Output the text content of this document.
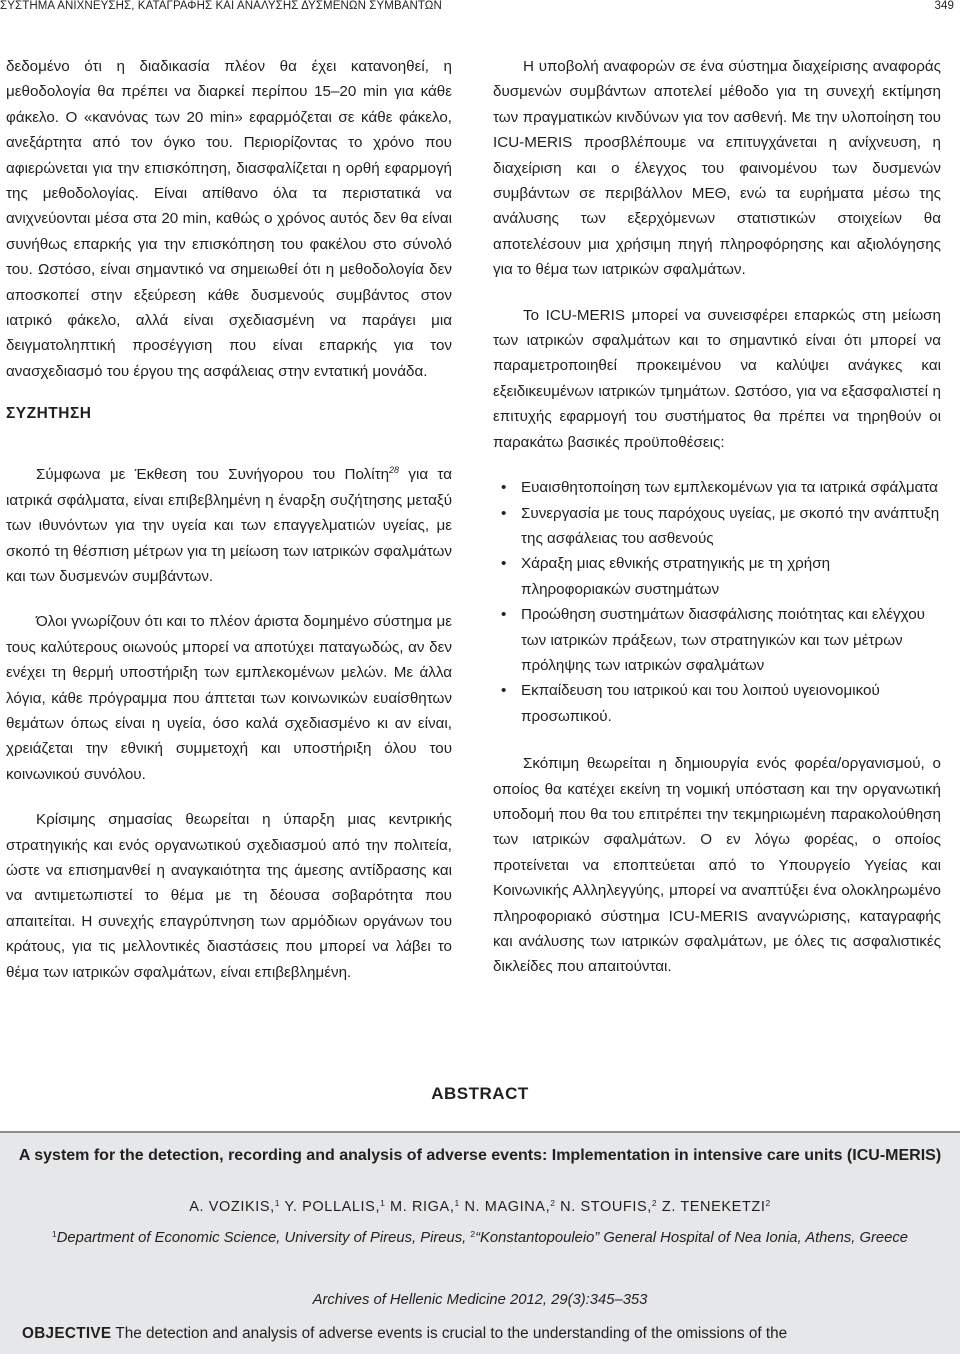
ΣΥΣΤΗΜΑ ΑΝΙΧΝΕΥΣΗΣ, ΚΑΤΑΓΡΑΦΗΣ ΚΑΙ ΑΝΑΛΥΣΗΣ ΔΥΣΜΕΝΩΝ ΣΥΜΒΑΝΤΩΝ	349

δεδομένο ότι η διαδικασία πλέον θα έχει κατανοηθεί, η μεθοδολογία θα πρέπει να διαρκεί περίπου 15–20 min για κάθε φάκελο. Ο «κανόνας των 20 min» εφαρμόζεται σε κάθε φάκελο, ανεξάρτητα από τον όγκο του. Περιορίζοντας το χρόνο που αφιερώνεται για την επισκόπηση, διασφαλίζεται η ορθή εφαρμογή της μεθοδολογίας. Είναι απίθανο όλα τα περιστατικά να ανιχνεύονται μέσα στα 20 min, καθώς ο χρόνος αυτός δεν θα είναι συνήθως επαρκής για την επισκόπηση του φακέλου στο σύνολό του. Ωστόσο, είναι σημαντικό να σημειωθεί ότι η μεθοδολογία δεν αποσκοπεί στην εξεύρεση κάθε δυσμενούς συμβάντος στον ιατρικό φάκελο, αλλά είναι σχεδιασμένη να παράγει μια δειγματοληπτική προσέγγιση που είναι επαρκής για τον ανασχεδιασμό του έργου της ασφάλειας στην εντατική μονάδα.

ΣΥΖΗΤΗΣΗ

Σύμφωνα με Έκθεση του Συνήγορου του Πολίτη$^{28}$ για τα ιατρικά σφάλματα, είναι επιβεβλημένη η έναρξη συζήτησης μεταξύ των ιθυνόντων για την υγεία και των επαγγελματιών υγείας, με σκοπό τη θέσπιση μέτρων για τη μείωση των ιατρικών σφαλμάτων και των δυσμενών συμβάντων.

Όλοι γνωρίζουν ότι και το πλέον άριστα δομημένο σύστημα με τους καλύτερους οιωνούς μπορεί να αποτύχει παταγωδώς, αν δεν ενέχει τη θερμή υποστήριξη των εμπλεκομένων μελών. Με άλλα λόγια, κάθε πρόγραμμα που άπτεται των κοινωνικών ευαίσθητων θεμάτων όπως είναι η υγεία, όσο καλά σχεδιασμένο κι αν είναι, χρειάζεται την εθνική συμμετοχή και υποστήριξη όλου του κοινωνικού συνόλου.

Κρίσιμης σημασίας θεωρείται η ύπαρξη μιας κεντρικής στρατηγικής και ενός οργανωτικού σχεδιασμού από την πολιτεία, ώστε να επισημανθεί η αναγκαιότητα της άμεσης αντίδρασης και να αντιμετωπιστεί το θέμα με τη δέουσα σοβαρότητα που απαιτείται. Η συνεχής επαγρύπνηση των αρμόδιων οργάνων του κράτους, για τις μελλοντικές διαστάσεις που μπορεί να λάβει το θέμα των ιατρικών σφαλμάτων, είναι επιβεβλημένη.

Η υποβολή αναφορών σε ένα σύστημα διαχείρισης αναφοράς δυσμενών συμβάντων αποτελεί μέθοδο για τη συνεχή εκτίμηση των πραγματικών κινδύνων για τον ασθενή. Με την υλοποίηση του ICU-MERIS προσβλέπουμε να επιτυγχάνεται η ανίχνευση, η διαχείριση και ο έλεγχος του φαινομένου των δυσμενών συμβάντων σε περιβάλλον ΜΕΘ, ενώ τα ευρήματα μέσω της ανάλυσης των εξερχόμενων στατιστικών στοιχείων θα αποτελέσουν μια χρήσιμη πηγή πληροφόρησης και αξιολόγησης για το θέμα των ιατρικών σφαλμάτων.

Το ICU-MERIS μπορεί να συνεισφέρει επαρκώς στη μείωση των ιατρικών σφαλμάτων και το σημαντικό είναι ότι μπορεί να παραμετροποιηθεί προκειμένου να καλύψει ανάγκες και εξειδικευμένων ιατρικών τμημάτων. Ωστόσο, για να εξασφαλιστεί η επιτυχής εφαρμογή του συστήματος θα πρέπει να τηρηθούν οι παρακάτω βασικές προϋποθέσεις:

• Ευαισθητοποίηση των εμπλεκομένων για τα ιατρικά σφάλματα
• Συνεργασία με τους παρόχους υγείας, με σκοπό την ανάπτυξη της ασφάλειας του ασθενούς
• Χάραξη μιας εθνικής στρατηγικής με τη χρήση πληροφοριακών συστημάτων
• Προώθηση συστημάτων διασφάλισης ποιότητας και ελέγχου των ιατρικών πράξεων, των στρατηγικών και των μέτρων πρόληψης των ιατρικών σφαλμάτων
• Εκπαίδευση του ιατρικού και του λοιπού υγειονομικού προσωπικού.

Σκόπιμη θεωρείται η δημιουργία ενός φορέα/οργανισμού, ο οποίος θα κατέχει εκείνη τη νομική υπόσταση και την οργανωτική υποδομή που θα του επιτρέπει την τεκμηριωμένη παρακολούθηση των ιατρικών σφαλμάτων. Ο εν λόγω φορέας, ο οποίος προτείνεται να εποπτεύεται από το Υπουργείο Υγείας και Κοινωνικής Αλληλεγγύης, μπορεί να αναπτύξει ένα ολοκληρωμένο πληροφοριακό σύστημα ICU-MERIS αναγνώρισης, καταγραφής και ανάλυσης των ιατρικών σφαλμάτων, με όλες τις ασφαλιστικές δικλείδες που απαιτούνται.

ABSTRACT
A system for the detection, recording and analysis of adverse events: Implementation in intensive care units (ICU-MERIS)
A. VOZIKIS,$^1$ Y. POLLALIS,$^1$ M. RIGA,$^1$ N. MAGINA,$^2$ N. STOUFIS,$^2$ Z. TENEKETZI$^2$
$^1$Department of Economic Science, University of Pireus, Pireus, $^2$“Konstantopouleio” General Hospital of Nea Ionia, Athens, Greece
Archives of Hellenic Medicine 2012, 29(3):345–353
OBJECTIVE The detection and analysis of adverse events is crucial to the understanding of the omissions of the
